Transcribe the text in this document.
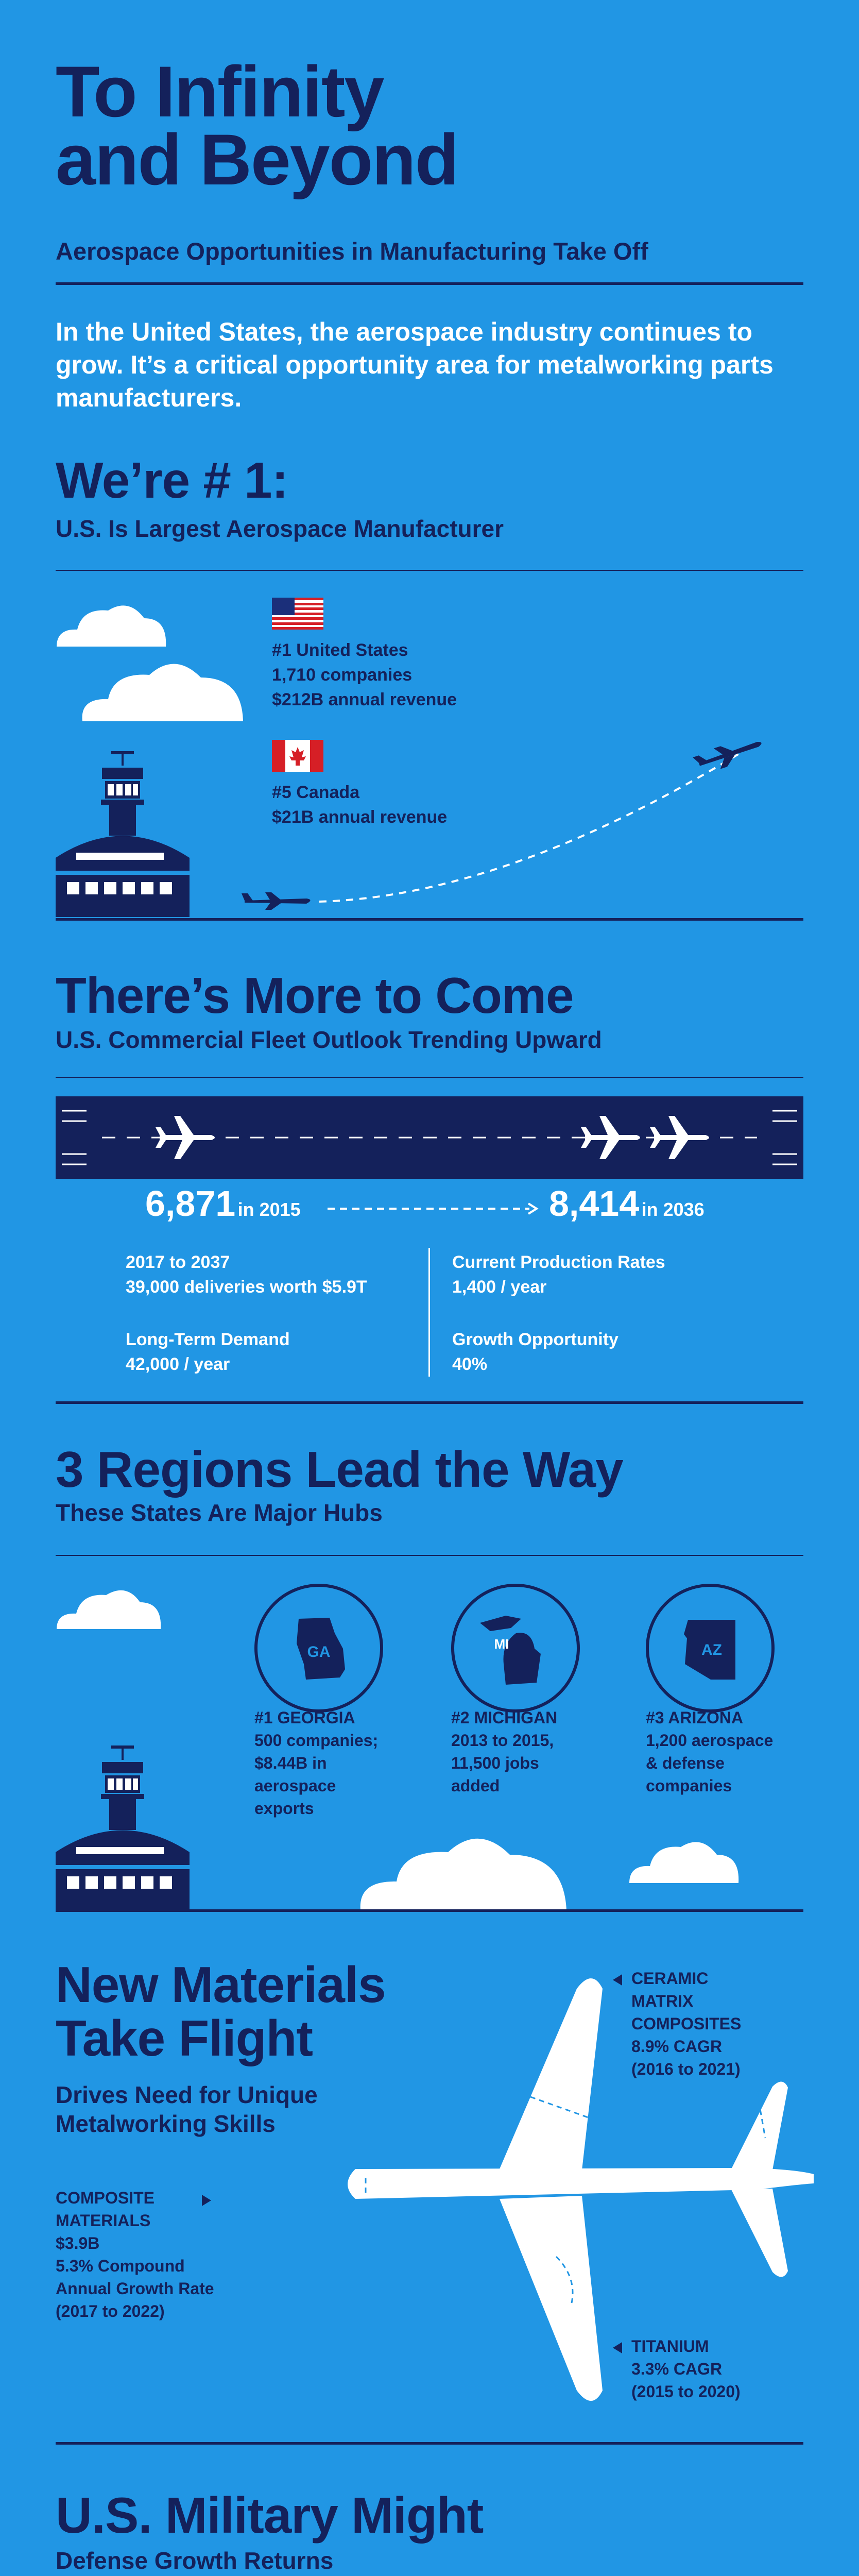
To Infinity
and Beyond
Aerospace Opportunities in Manufacturing Take Off
In the United States, the aerospace industry continues to grow. It’s a critical opportunity area for metalworking parts manufacturers.
We’re # 1:
U.S. Is Largest Aerospace Manufacturer
#1 United States
1,710 companies
$212B annual revenue
#5 Canada
$21B annual revenue
There’s More to Come
U.S. Commercial Fleet Outlook Trending Upward
6,871 in 2015	8,414 in 2036
2017 to 2037
39,000 deliveries worth $5.9T
Long-Term Demand
42,000 / year
Current Production Rates
1,400 / year
Growth Opportunity
40%
3 Regions Lead the Way
These States Are Major Hubs
GA	MI	AZ
#1 GEORGIA
500 companies;
$8.44B in
aerospace
exports
#2 MICHIGAN
2013 to 2015,
11,500 jobs
added
#3 ARIZONA
1,200 aerospace
& defense
companies
New Materials
Take Flight
Drives Need for Unique
Metalworking Skills
CERAMIC
MATRIX
COMPOSITES
8.9% CAGR
(2016 to 2021)
COMPOSITE
MATERIALS
$3.9B
5.3% Compound
Annual Growth Rate
(2017 to 2022)
TITANIUM
3.3% CAGR
(2015 to 2020)
U.S. Military Might
Defense Growth Returns
